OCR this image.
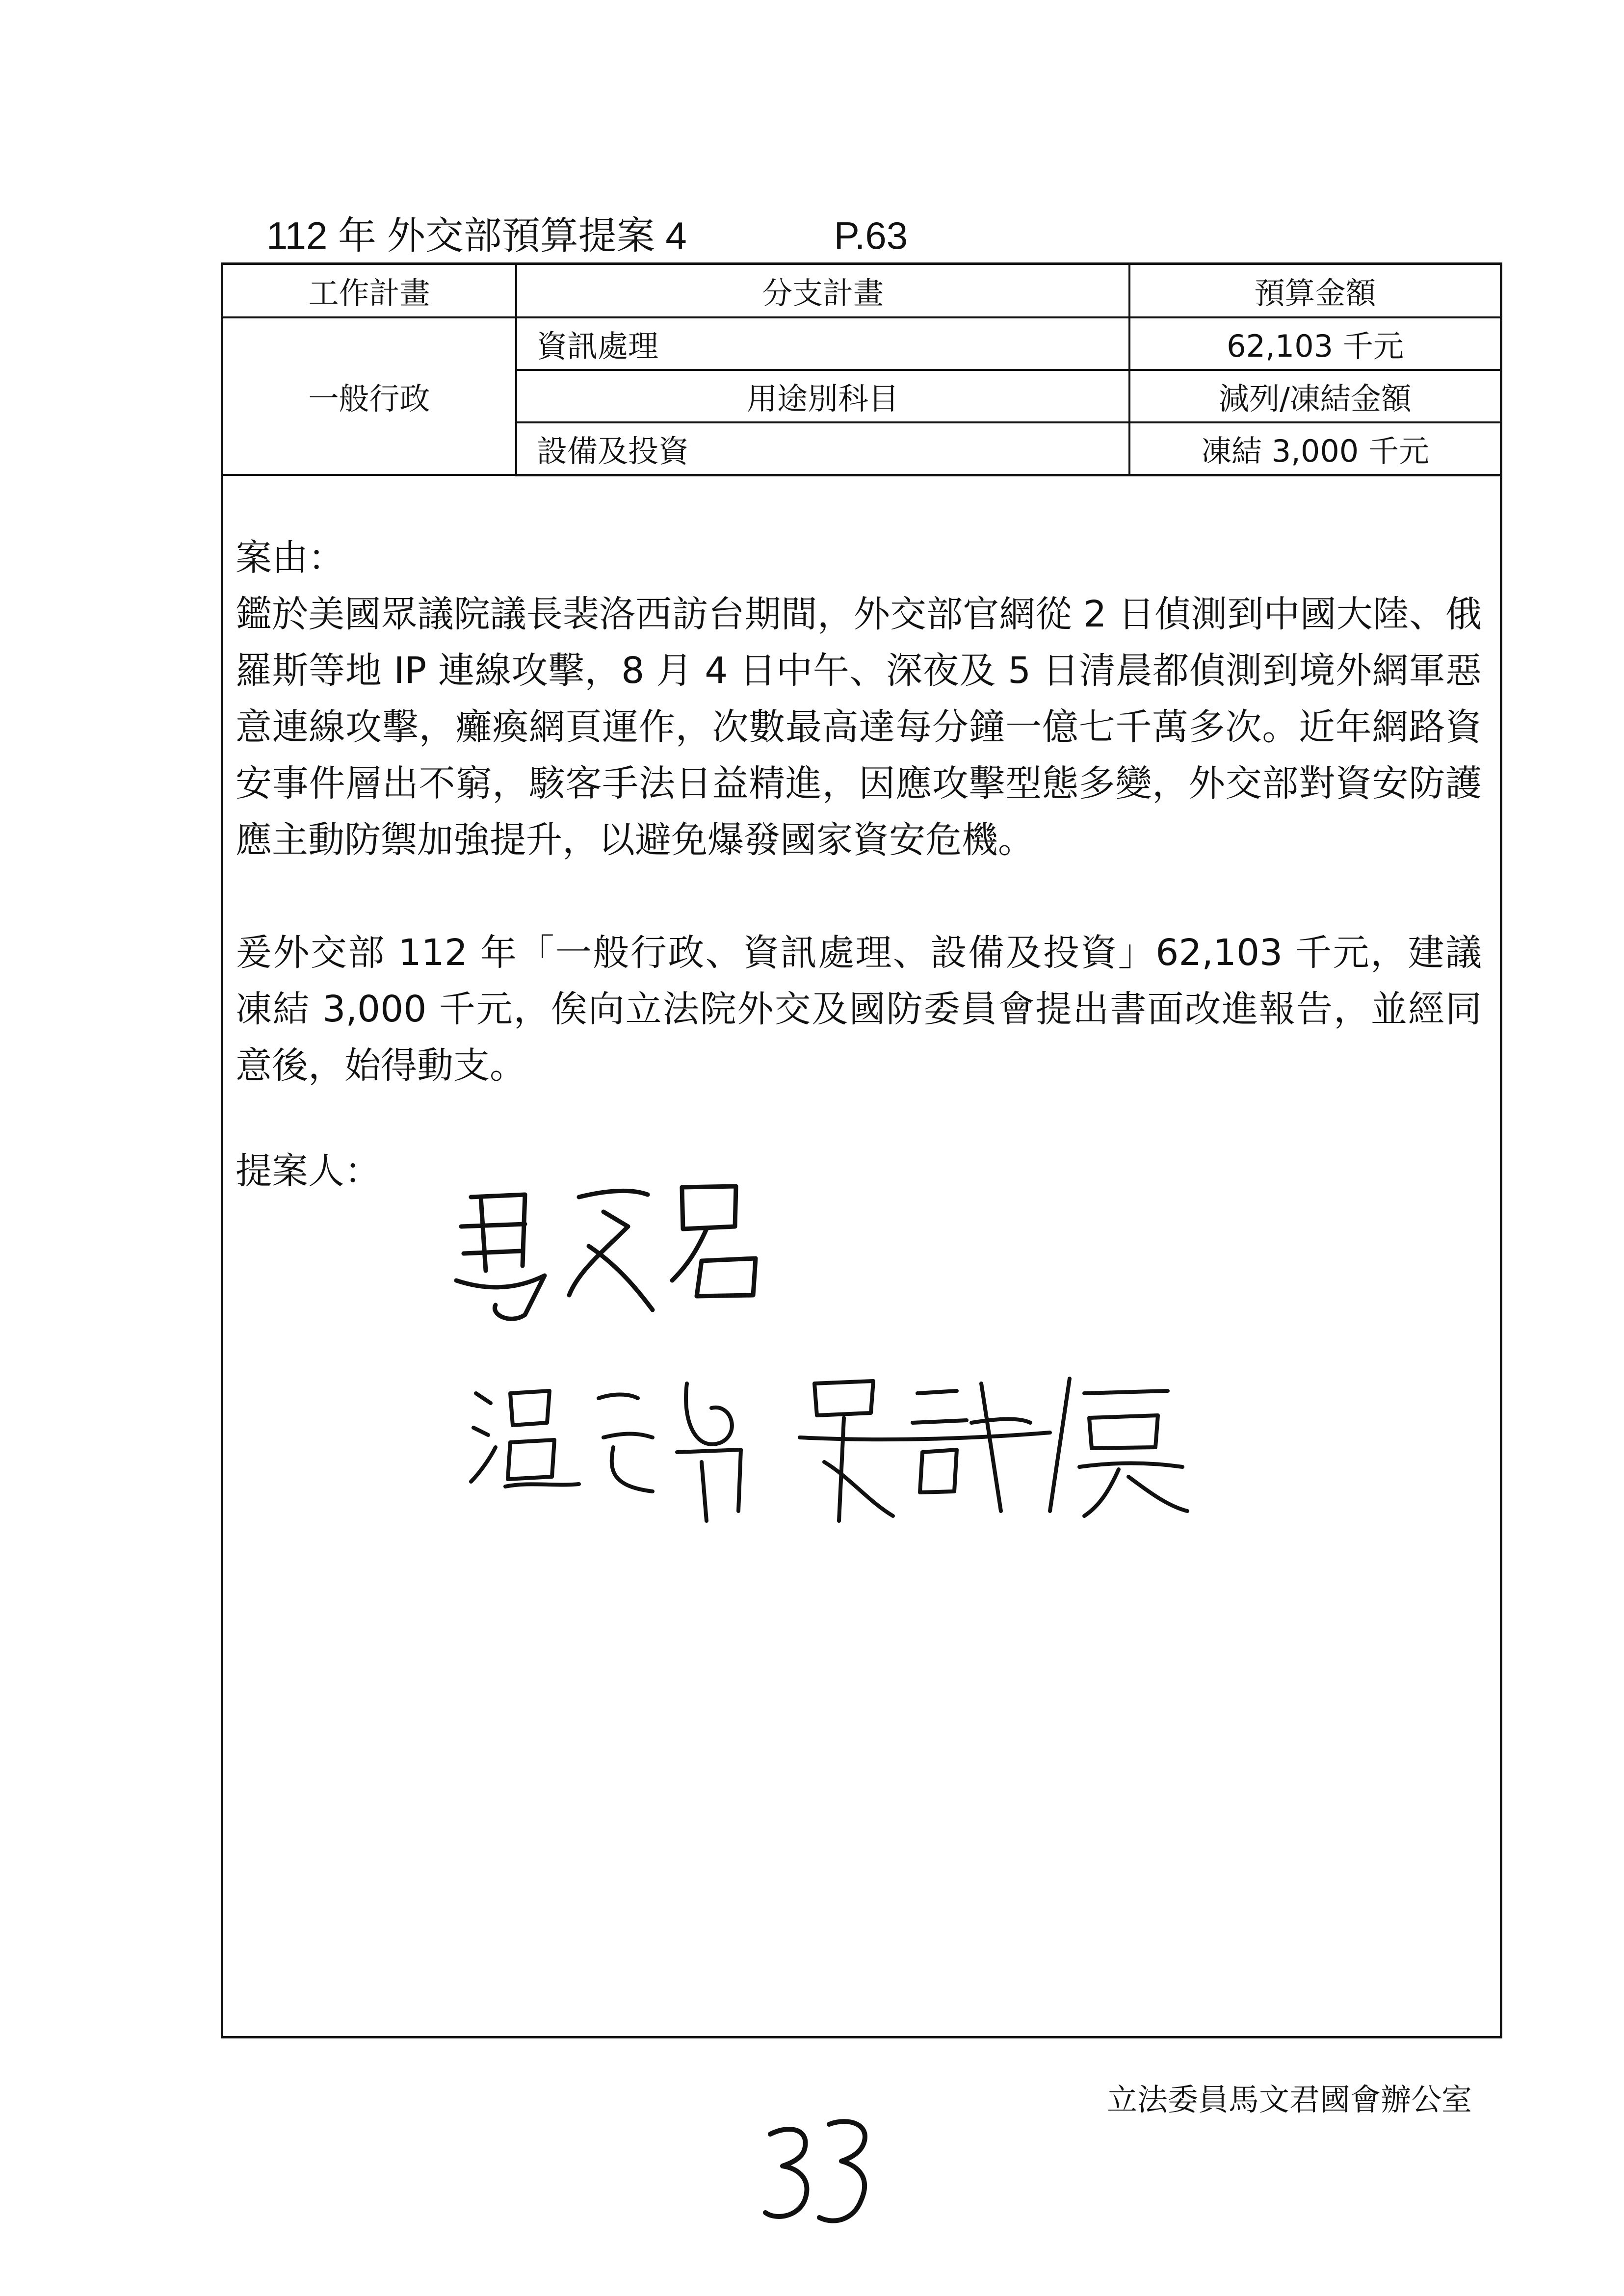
112 年 外交部預算提案 4	P.63
工作計畫	分支計畫	預算金額
一般行政	資訊處理	62,103 千元
	用途別科目	減列/凍結金額
	設備及投資	凍結 3,000 千元

案由：

鑑於美國眾議院議長裴洛西訪台期間，外交部官網從 2 日偵測到中國大陸、俄羅斯等地 IP 連線攻擊，8 月 4 日中午、深夜及 5 日清晨都偵測到境外網軍惡意連線攻擊，癱瘓網頁運作，次數最高達每分鐘一億七千萬多次。近年網路資安事件層出不窮，駭客手法日益精進，因應攻擊型態多變，外交部對資安防護應主動防禦加強提升，以避免爆發國家資安危機。

爰外交部 112 年「一般行政、資訊處理、設備及投資」62,103 千元，建議凍結 3,000 千元，俟向立法院外交及國防委員會提出書面改進報告，並經同意後，始得動支。

提案人：

立法委員馬文君國會辦公室
